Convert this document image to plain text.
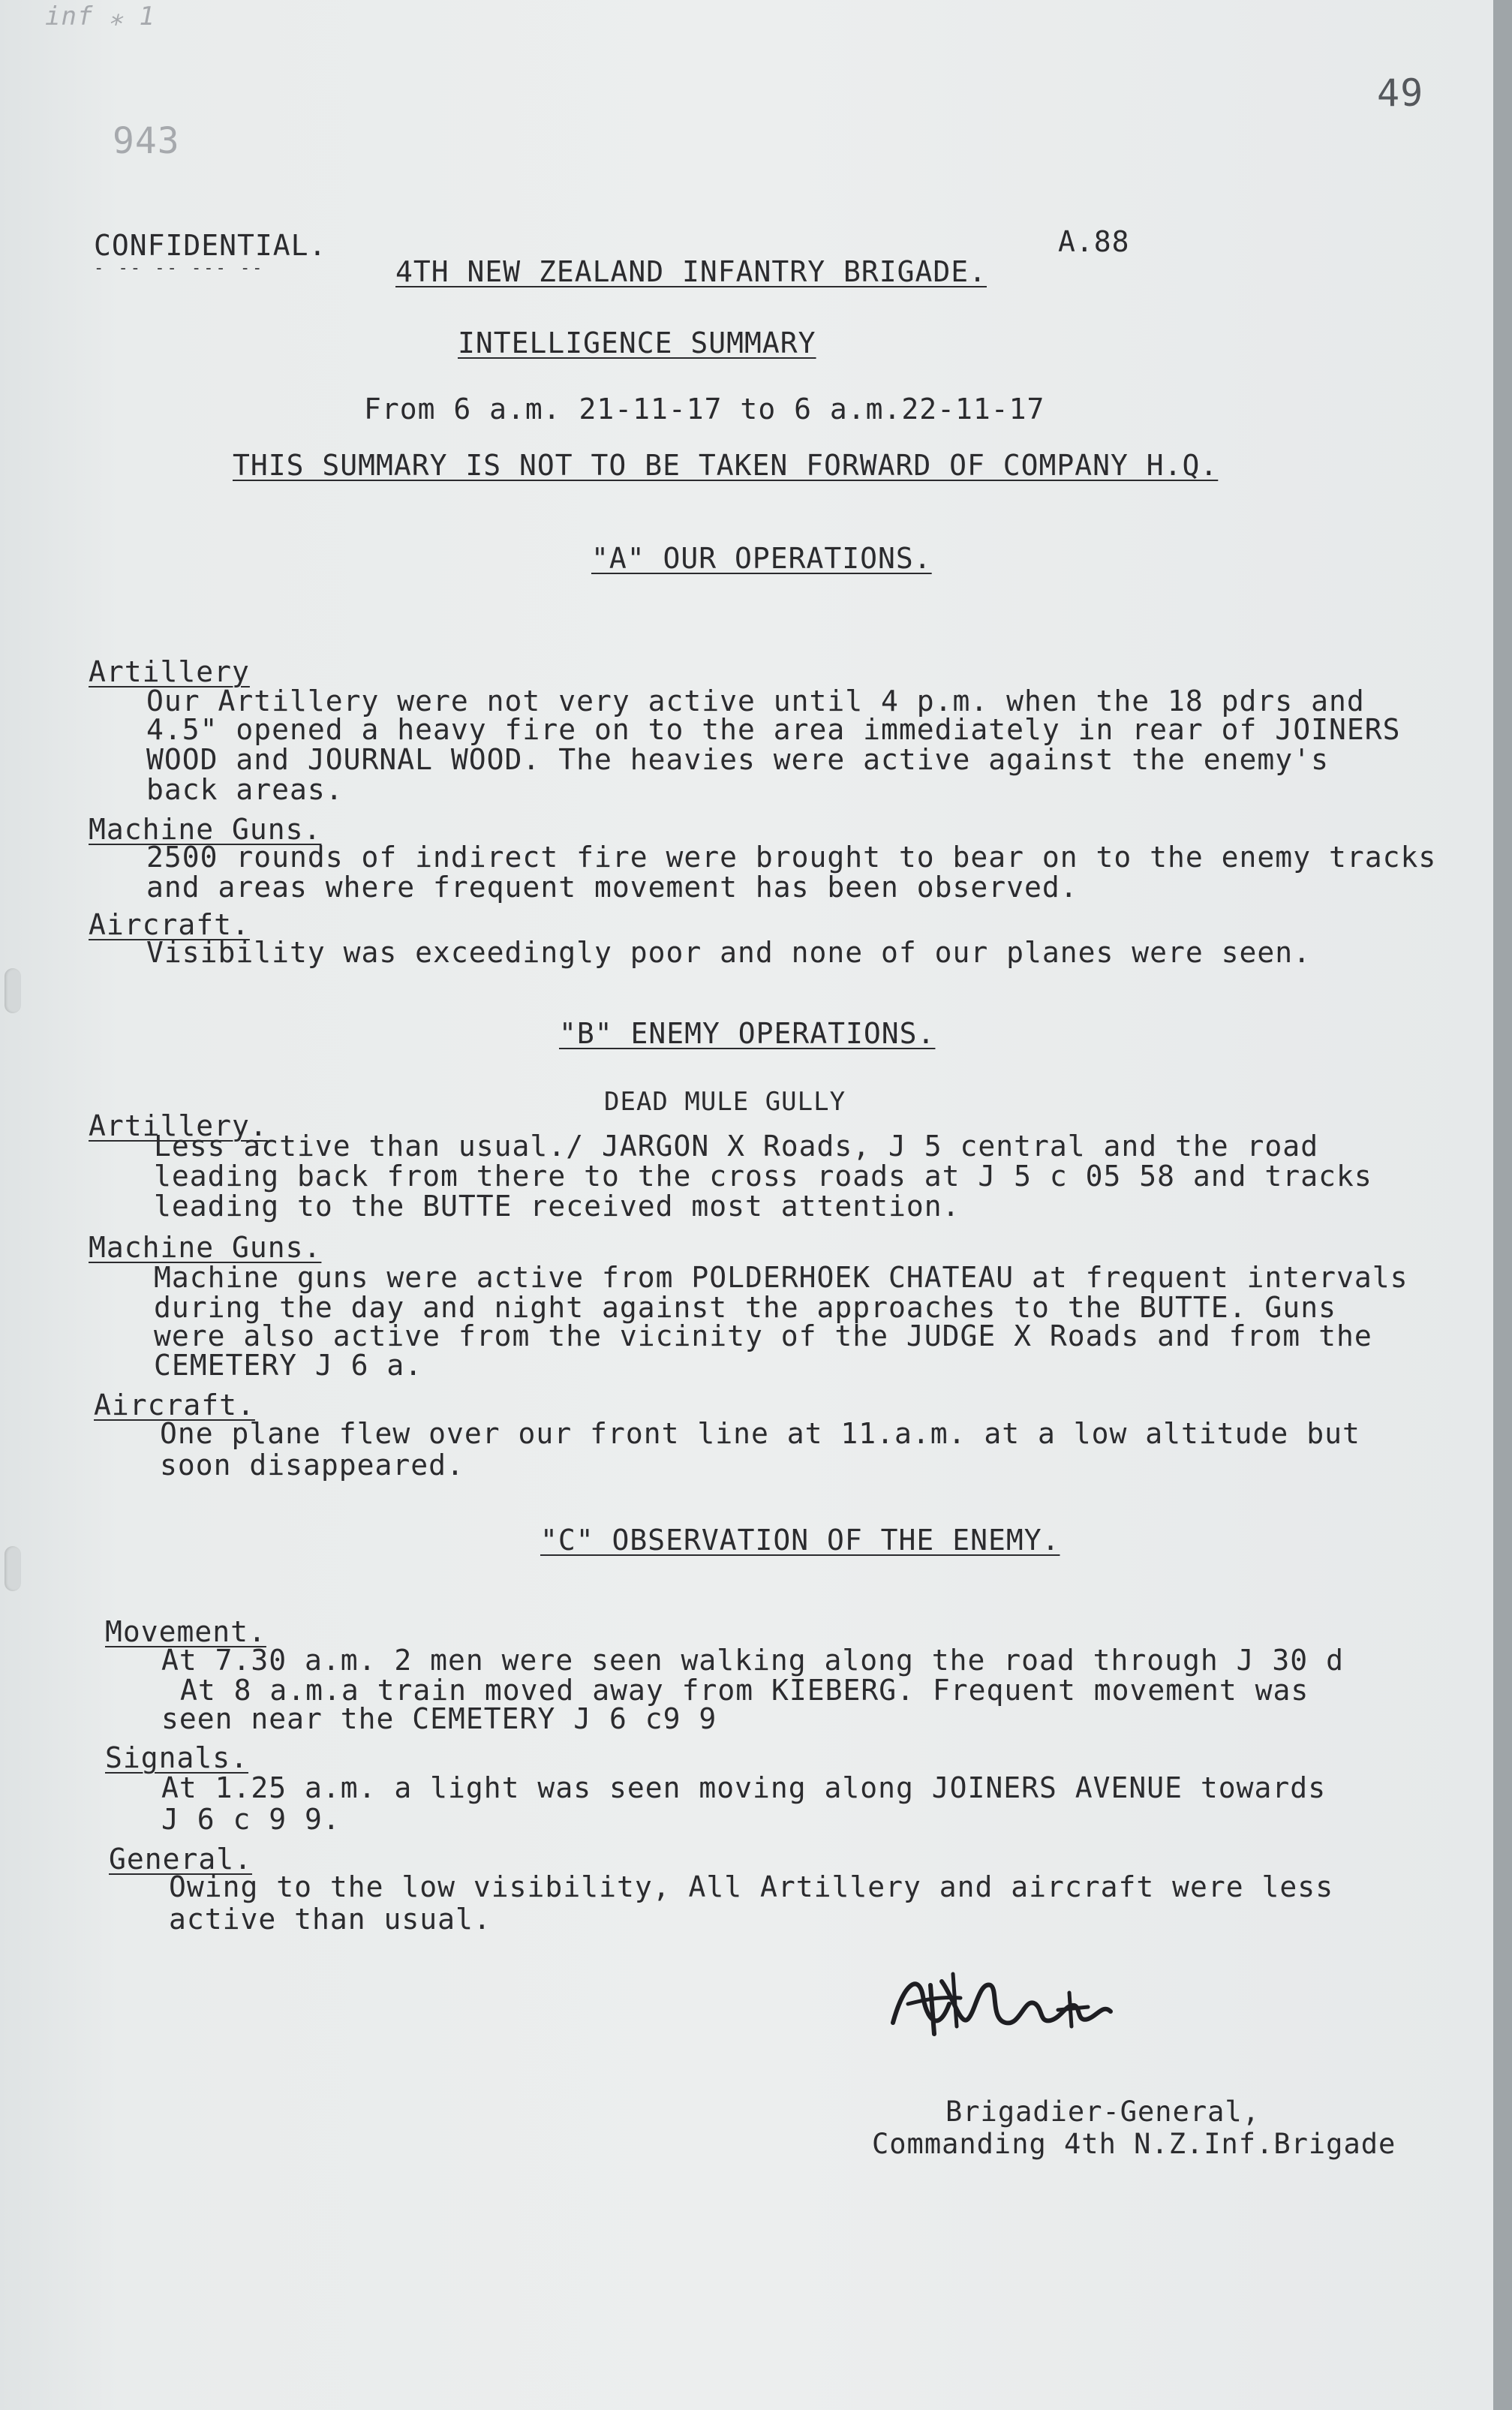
inf ⁎ 1
943
49
CONFIDENTIAL.
- -- -- --- --
A.88
4TH NEW ZEALAND INFANTRY BRIGADE.
INTELLIGENCE SUMMARY
From 6 a.m. 21-11-17 to 6 a.m.22-11-17
THIS SUMMARY IS NOT TO BE TAKEN FORWARD OF COMPANY H.Q.
"A" OUR OPERATIONS.
Artillery
Our Artillery were not very active until 4 p.m. when the 18 pdrs and
4.5" opened a heavy fire on to the area immediately in rear of JOINERS
WOOD and JOURNAL WOOD. The heavies were active against the enemy's
back areas.
Machine Guns.
2500 rounds of indirect fire were brought to bear on to the enemy tracks
and areas where frequent movement has been observed.
Aircraft.
Visibility was exceedingly poor and none of our planes were seen.
"B" ENEMY OPERATIONS.
DEAD MULE GULLY
Artillery.
Less active than usual./ JARGON X Roads, J 5 central and the road
leading back from there to the cross roads at J 5 c 05 58 and tracks
leading to the BUTTE received most attention.
Machine Guns.
Machine guns were active from POLDERHOEK CHATEAU at frequent intervals
during the day and night against the approaches to the BUTTE. Guns
were also active from the vicinity of the JUDGE X Roads and from the
CEMETERY J 6 a.
Aircraft.
One plane flew over our front line at 11.a.m. at a low altitude but
soon disappeared.
"C" OBSERVATION OF THE ENEMY.
Movement.
At 7.30 a.m. 2 men were seen walking along the road through J 30 d
At 8 a.m.a train moved away from KIEBERG. Frequent movement was
seen near the CEMETERY J 6 c9 9
Signals.
At 1.25 a.m. a light was seen moving along JOINERS AVENUE towards
J 6 c 9 9.
General.
Owing to the low visibility, All Artillery and aircraft were less
active than usual.
HHart
Brigadier-General,
Commanding 4th N.Z.Inf.Brigade
